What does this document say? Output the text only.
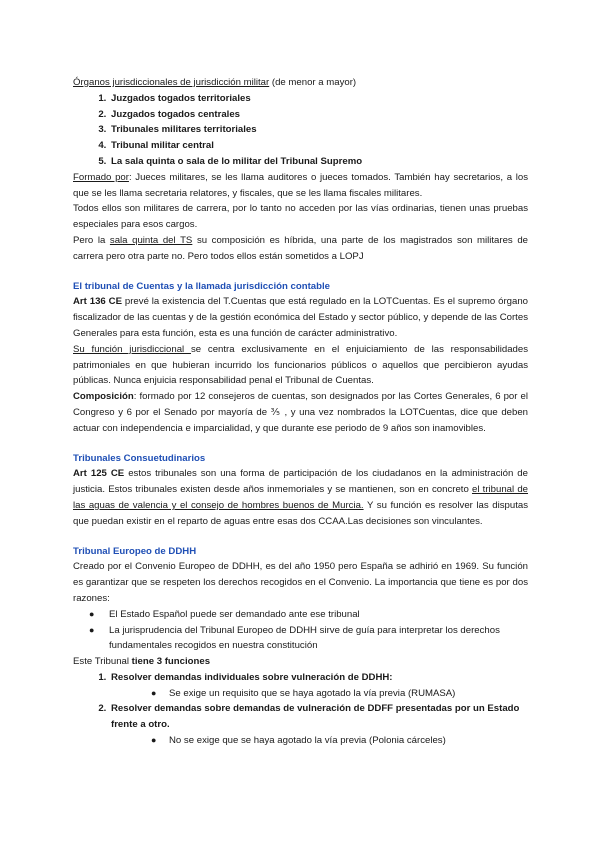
Órganos jurisdiccionales de jurisdicción militar (de menor a mayor)

1. Juzgados togados territoriales
2. Juzgados togados centrales
3. Tribunales militares territoriales
4. Tribunal militar central
5. La sala quinta o sala de lo militar del Tribunal Supremo

Formado por: Jueces militares, se les llama auditores o jueces tomados. También hay secretarios, a los que se les llama secretaria relatores, y fiscales, que se les llama fiscales militares.

Todos ellos son militares de carrera, por lo tanto no acceden por las vías ordinarias, tienen unas pruebas especiales para esos cargos.

Pero la sala quinta del TS su composición es híbrida, una parte de los magistrados son militares de carrera pero otra parte no. Pero todos ellos están sometidos a LOPJ

El tribunal de Cuentas y la llamada jurisdicción contable

Art 136 CE prevé la existencia del T.Cuentas que está regulado en la LOTCuentas. Es el supremo órgano fiscalizador de las cuentas y de la gestión económica del Estado y sector público, y depende de las Cortes Generales para esta función, esta es una función de carácter administrativo.

Su función jurisdiccional se centra exclusivamente en el enjuiciamiento de las responsabilidades patrimoniales en que hubieran incurrido los funcionarios públicos o aquellos que percibieron ayudas públicas. Nunca enjuicia responsabilidad penal el Tribunal de Cuentas.

Composición: formado por 12 consejeros de cuentas, son designados por las Cortes Generales, 6 por el Congreso y 6 por el Senado por mayoría de ⅗ , y una vez nombrados la LOTCuentas, dice que deben actuar con independencia e imparcialidad, y que durante ese periodo de 9 años son inamovibles.

Tribunales Consuetudinarios

Art 125 CE estos tribunales son una forma de participación de los ciudadanos en la administración de justicia. Estos tribunales existen desde años inmemoriales y se mantienen, son en concreto el tribunal de las aguas de valencia y el consejo de hombres buenos de Murcia. Y su función es resolver las disputas que puedan existir en el reparto de aguas entre esas dos CCAA.Las decisiones son vinculantes.

Tribunal Europeo de DDHH

Creado por el Convenio Europeo de DDHH, es del año 1950 pero España se adhirió en 1969. Su función es garantizar que se respeten los derechos recogidos en el Convenio. La importancia que tiene es por dos razones:

● El Estado Español puede ser demandado ante ese tribunal
● La jurisprudencia del Tribunal Europeo de DDHH sirve de guía para interpretar los derechos fundamentales recogidos en nuestra constitución

Este Tribunal tiene 3 funciones

1. Resolver demandas individuales sobre vulneración de DDHH:
● Se exige un requisito que se haya agotado la vía previa (RUMASA)
2. Resolver demandas sobre demandas de vulneración de DDFF presentadas por un Estado frente a otro.
● No se exige que se haya agotado la vía previa (Polonia cárceles)
